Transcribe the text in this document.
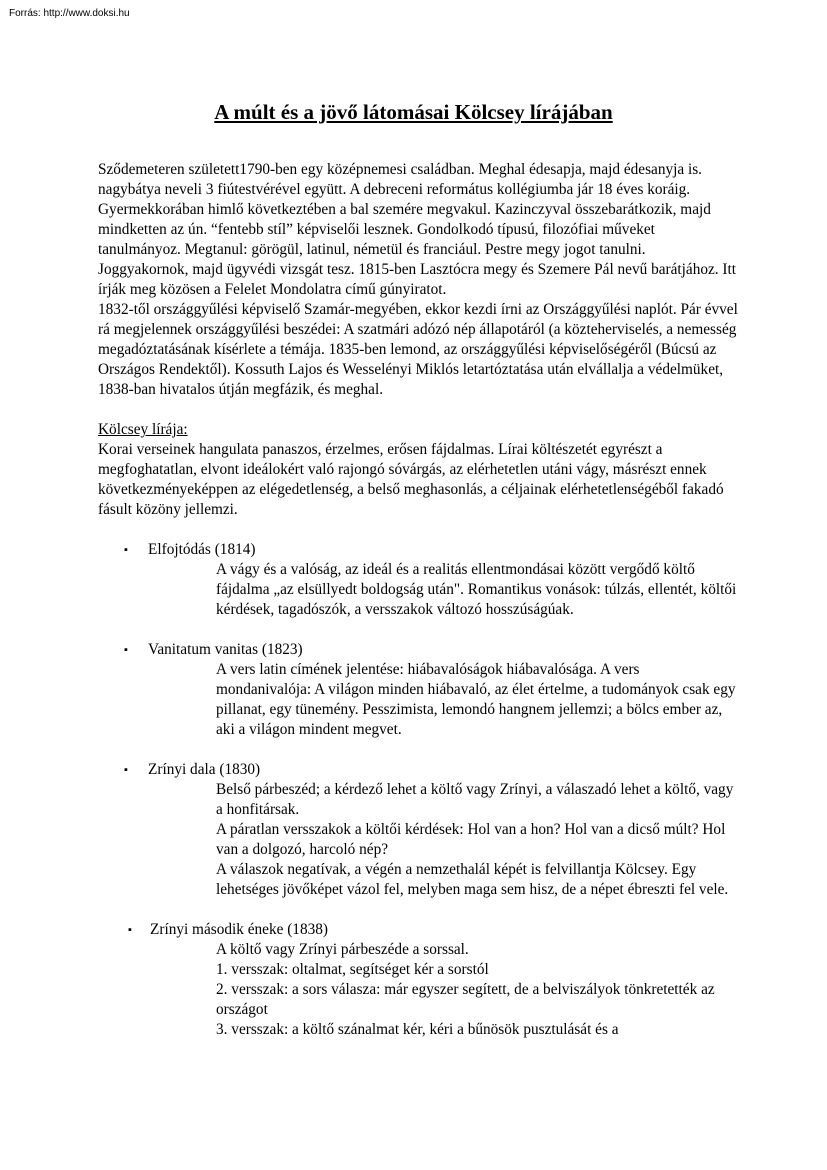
Forrás: http://www.doksi.hu
A múlt és a jövő látomásai Kölcsey lírájában

Sződemeteren született1790-ben egy középnemesi családban. Meghal édesapja, majd édesanyja is. nagybátya neveli 3 fiútestvérével együtt. A debreceni református kollégiumba jár 18 éves koráig. Gyermekkorában himlő következtében a bal szemére megvakul. Kazinczyval összebarátkozik, majd mindketten az ún. “fentebb stíl” képviselői lesznek. Gondolkodó típusú, filozófiai műveket tanulmányoz. Megtanul: görögül, latinul, németül és franciául. Pestre megy jogot tanulni. Joggyakornok, majd ügyvédi vizsgát tesz. 1815-ben Lasztócra megy és Szemere Pál nevű barátjához. Itt írják meg közösen a Felelet Mondolatra című gúnyiratot.

1832-től országgyűlési képviselő Szamár-megyében, ekkor kezdi írni az Országgyűlési naplót. Pár évvel rá megjelennek országgyűlési beszédei: A szatmári adózó nép állapotáról (a közteherviselés, a nemesség megadóztatásának kísérlete a témája. 1835-ben lemond, az országgyűlési képviselőségéről (Búcsú az Országos Rendektől). Kossuth Lajos és Wesselényi Miklós letartóztatása után elvállalja a védelmüket, 1838-ban hivatalos útján megfázik, és meghal.

Kölcsey lírája:

Korai verseinek hangulata panaszos, érzelmes, erősen fájdalmas. Lírai költészetét egyrészt a megfoghatatlan, elvont ideálokért való rajongó sóvárgás, az elérhetetlen utáni vágy, másrészt ennek következményeképpen az elégedetlenség, a belső meghasonlás, a céljainak elérhetetlenségéből fakadó fásult közöny jellemzi.

▪ Elfojtódás (1814)

A vágy és a valóság, az ideál és a realitás ellentmondásai között vergődő költő fájdalma „az elsüllyedt boldogság után". Romantikus vonások: túlzás, ellentét, költői kérdések, tagadószók, a versszakok változó hosszúságúak.

▪ Vanitatum vanitas (1823)

A vers latin címének jelentése: hiábavalóságok hiábavalósága. A vers mondanivalója: A világon minden hiábavaló, az élet értelme, a tudományok csak egy pillanat, egy tünemény. Pesszimista, lemondó hangnem jellemzi; a bölcs ember az, aki a világon mindent megvet.

▪ Zrínyi dala (1830)

Belső párbeszéd; a kérdező lehet a költő vagy Zrínyi, a válaszadó lehet a költő, vagy a honfitársak.

A páratlan versszakok a költői kérdések: Hol van a hon? Hol van a dicső múlt? Hol van a dolgozó, harcoló nép?

A válaszok negatívak, a végén a nemzethalál képét is felvillantja Kölcsey. Egy lehetséges jövőképet vázol fel, melyben maga sem hisz, de a népet ébreszti fel vele.

▪ Zrínyi második éneke (1838)

A költő vagy Zrínyi párbeszéde a sorssal.

1. versszak: oltalmat, segítséget kér a sorstól

2. versszak: a sors válasza: már egyszer segített, de a belviszályok tönkretették az országot

3. versszak: a költő szánalmat kér, kéri a bűnösök pusztulását és a
